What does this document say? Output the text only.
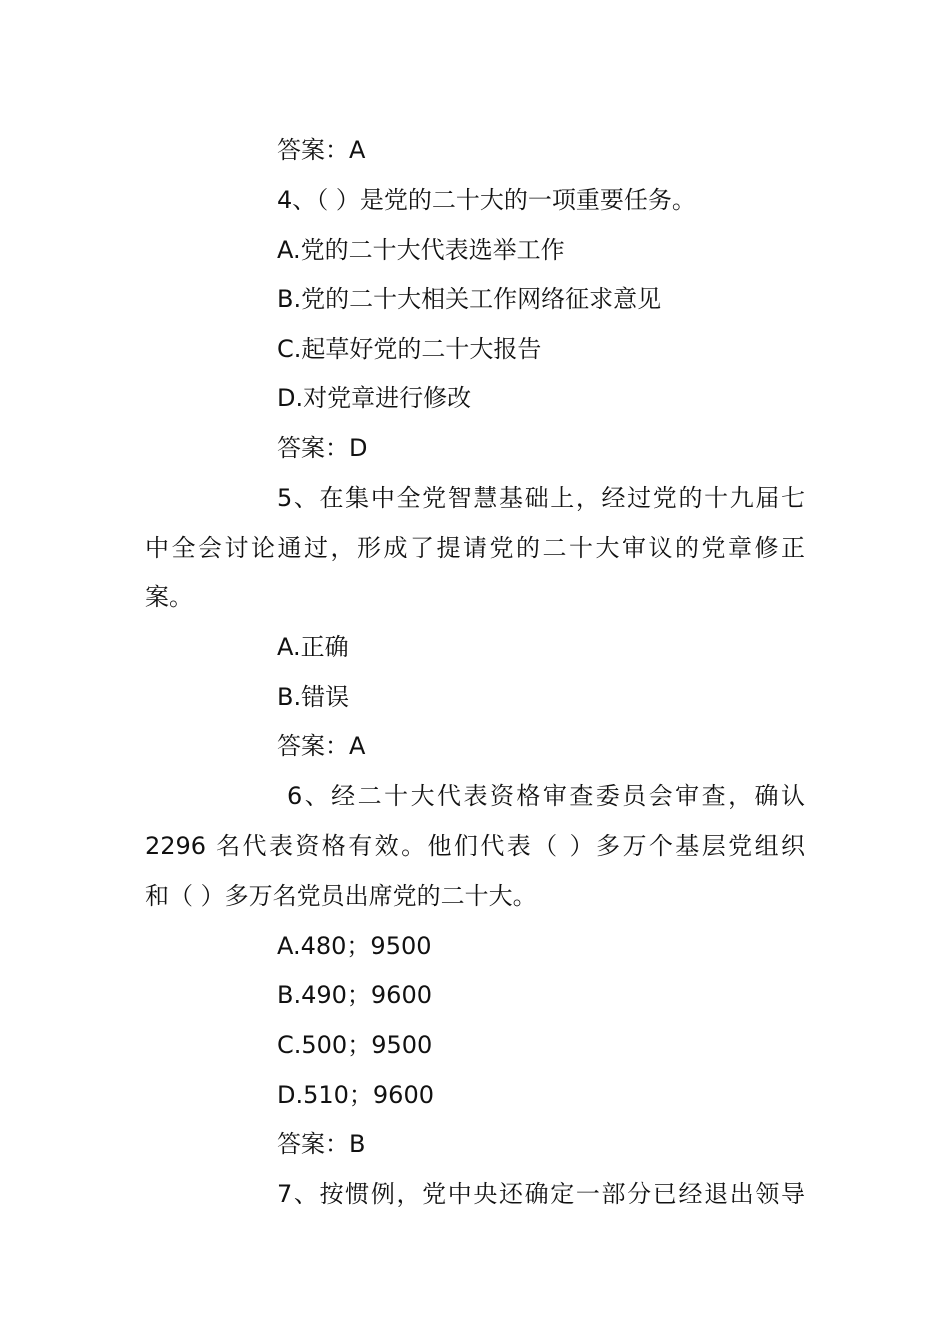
答案：A
4、（ ）是党的二十大的一项重要任务。
A.党的二十大代表选举工作
B.党的二十大相关工作网络征求意见
C.起草好党的二十大报告
D.对党章进行修改
答案：D
5、在集中全党智慧基础上，经过党的十九届七
中全会讨论通过，形成了提请党的二十大审议的党章修正
案。
A.正确
B.错误
答案：A
6、经二十大代表资格审查委员会审查，确认
2296 名代表资格有效。他们代表（ ）多万个基层党组织
和（ ）多万名党员出席党的二十大。
A.480；9500
B.490；9600
C.500；9500
D.510；9600
答案：B
7、按惯例，党中央还确定一部分已经退出领导
